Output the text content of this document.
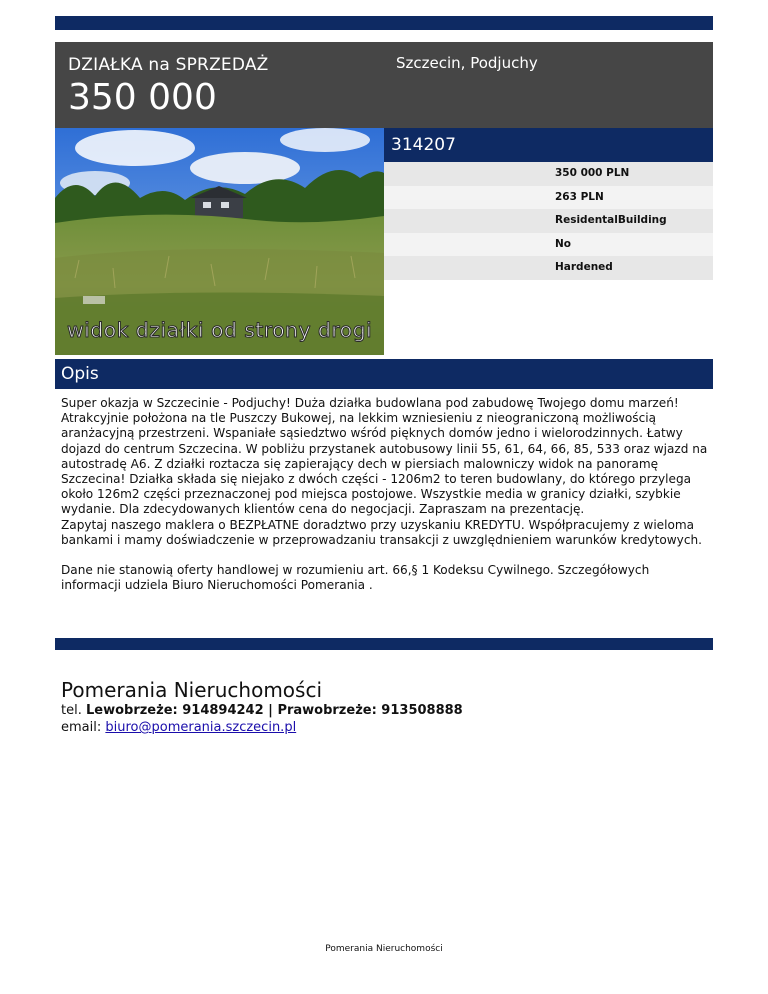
DZIAŁKA na SPRZEDAŻ
350 000
Szczecin, Podjuchy
widok działki od strony drogi
314207
350 000 PLN
263 PLN
ResidentalBuilding
No
Hardened
Opis

Super okazja w Szczecinie - Podjuchy! Duża działka budowlana pod zabudowę Twojego domu marzeń! Atrakcyjnie położona na tle Puszczy Bukowej, na lekkim wzniesieniu z nieograniczoną możliwością aranżacyjną przestrzeni. Wspaniałe sąsiedztwo wśród pięknych domów jedno i wielorodzinnych. Łatwy dojazd do centrum Szczecina. W pobliżu przystanek autobusowy linii 55, 61, 64, 66, 85, 533 oraz wjazd na autostradę A6. Z działki roztacza się zapierający dech w piersiach malowniczy widok na panoramę Szczecina! Działka składa się niejako z dwóch części - 1206m2 to teren budowlany, do którego przylega około 126m2 części przeznaczonej pod miejsca postojowe. Wszystkie media w granicy działki, szybkie wydanie. Dla zdecydowanych klientów cena do negocjacji. Zapraszam na prezentację.

Zapytaj naszego maklera o BEZPŁATNE doradztwo przy uzyskaniu KREDYTU. Współpracujemy z wieloma bankami i mamy doświadczenie w przeprowadzaniu transakcji z uwzględnieniem warunków kredytowych.

Dane nie stanowią oferty handlowej w rozumieniu art. 66,§ 1 Kodeksu Cywilnego. Szczegółowych informacji udziela Biuro Nieruchomości Pomerania .

Pomerania Nieruchomości
tel. Lewobrzeże: 914894242 | Prawobrzeże: 913508888
email: biuro@pomerania.szczecin.pl
Pomerania Nieruchomości
